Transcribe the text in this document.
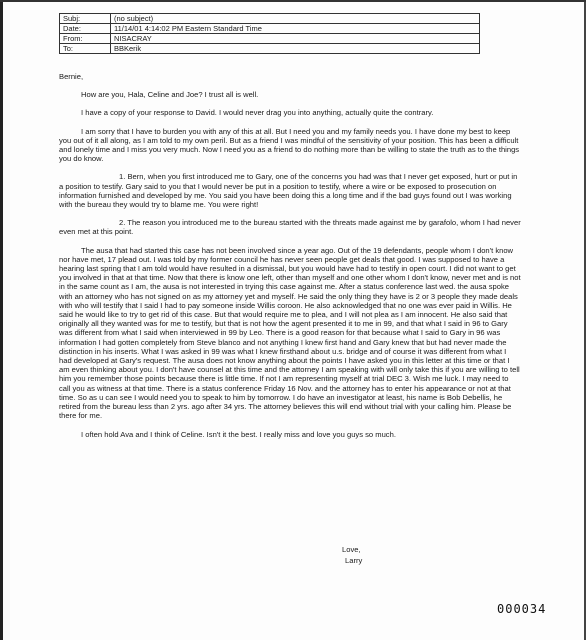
Subj:	(no subject)
Date:	11/14/01 4:14:02 PM Eastern Standard Time
From:	NISACRAY
To:	BBKerik

Bernie,

How are you, Hala, Celine and Joe? I trust all is well.

I have a copy of your response to David. I would never drag you into anything, actually quite the contrary.

I am sorry that I have to burden you with any of this at all. But I need you and my family needs you. I have done my best to keep you out of it all along, as I am told to my own peril. But as a friend I was mindful of the sensitivity of your position. This has been a difficult and lonely time and I miss you very much. Now I need you as a friend to do nothing more than be willing to state the truth as to the things you do know.

1. Bern, when you first introduced me to Gary, one of the concerns you had was that I never get exposed, hurt or put in a position to testify. Gary said to you that I would never be put in a position to testify, where a wire or be exposed to prosecution on information furnished and developed by me. You said you have been doing this a long time and if the bad guys found out I was working with the bureau they would try to blame me. You were right!

2. The reason you introduced me to the bureau started with the threats made against me by garafolo, whom I had never even met at this point.

The ausa that had started this case has not been involved since a year ago. Out of the 19 defendants, people whom I don't know nor have met, 17 plead out. I was told by my former council he has never seen people get deals that good. I was supposed to have a hearing last spring that I am told would have resulted in a dismissal, but you would have had to testify in open court. I did not want to get you involved in that at that time. Now that there is know one left, other than myself and one other whom I don't know, never met and is not in the same count as I am, the ausa is not interested in trying this case against me. After a status conference last wed. the ausa spoke with an attorney who has not signed on as my attorney yet and myself. He said the only thing they have is 2 or 3 people they made deals with who will testify that I said I had to pay someone inside Willis coroon. He also acknowledged that no one was ever paid in Willis. He said he would like to try to get rid of this case. But that would require me to plea, and I will not plea as I am innocent. He also said that originally all they wanted was for me to testify, but that is not how the agent presented it to me in 99, and that what I said in 96 to Gary was different from what I said when interviewed in 99 by Leo. There is a good reason for that because what I said to Gary in 96 was information I had gotten completely from Steve blanco and not anything I knew first hand and Gary knew that but had never made the distinction in his inserts. What I was asked in 99 was what I knew firsthand about u.s. bridge and of course it was different from what I had developed at Gary's request. The ausa does not know anything about the points I have asked you in this letter at this time or that I am even thinking about you. I don't have counsel at this time and the attorney I am speaking with will only take this if you are willing to tell him you remember those points because there is little time. If not I am representing myself at trial DEC 3. Wish me luck. I may need to call you as witness at that time. There is a status conference Friday 16 Nov. and the attorney has to enter his appearance or not at that time. So as u can see I would need you to speak to him by tomorrow. I do have an investigator at least, his name is Bob Debellis, he retired from the bureau less than 2 yrs. ago after 34 yrs. The attorney believes this will end without trial with your calling him. Please be there for me.

I often hold Ava and I think of Celine. Isn't it the best. I really miss and love you guys so much.

Love,
Larry
000034
